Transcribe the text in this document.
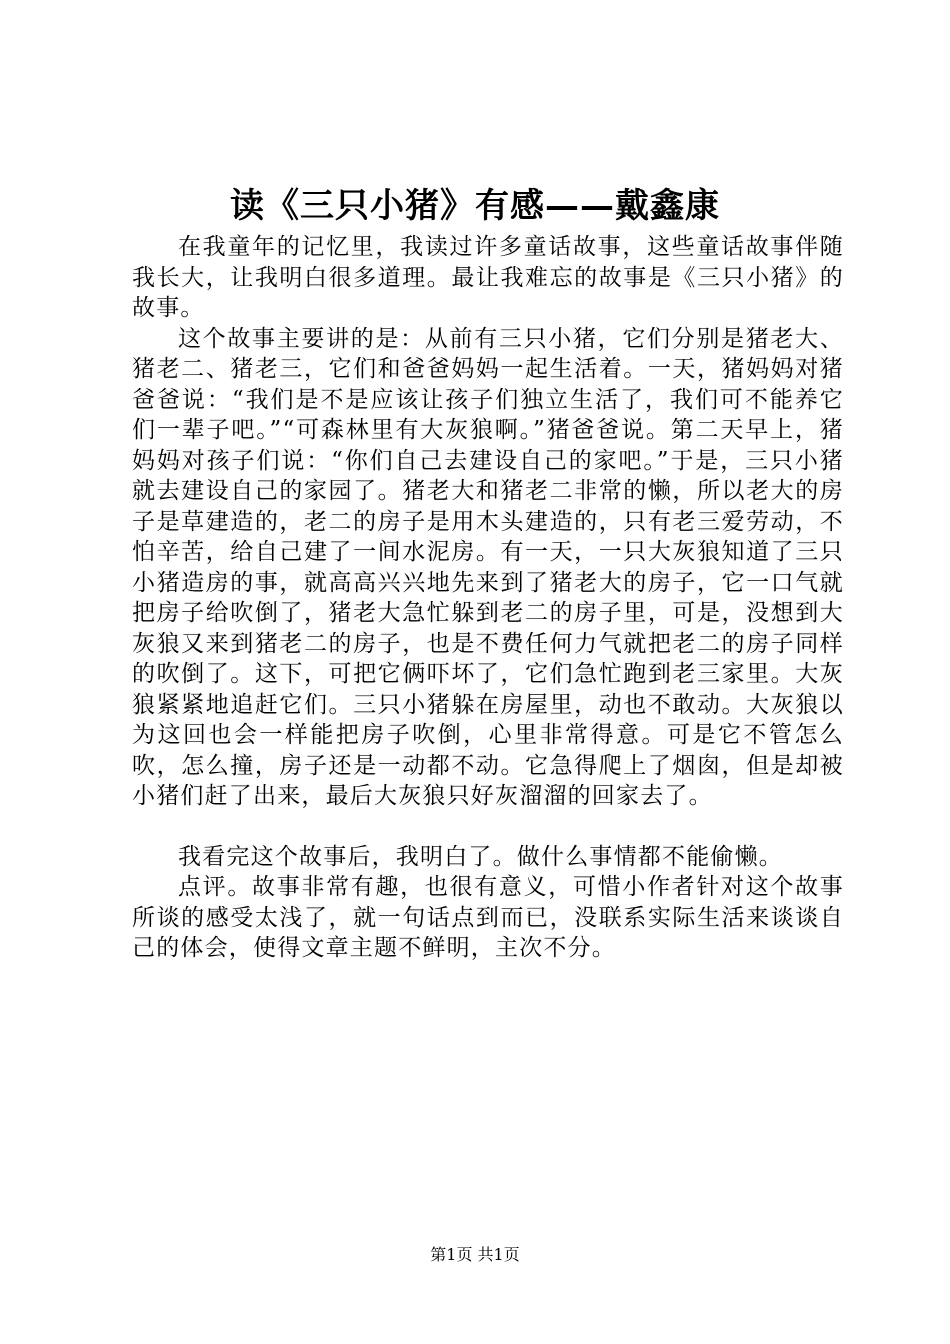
读《三只小猪》有感——戴鑫康

在我童年的记忆里，我读过许多童话故事，这些童话故事伴随我长大，让我明白很多道理。最让我难忘的故事是《三只小猪》的故事。

这个故事主要讲的是：从前有三只小猪，它们分别是猪老大、猪老二、猪老三，它们和爸爸妈妈一起生活着。一天，猪妈妈对猪爸爸说：“我们是不是应该让孩子们独立生活了，我们可不能养它们一辈子吧。”“可森林里有大灰狼啊。”猪爸爸说。第二天早上，猪妈妈对孩子们说：“你们自己去建设自己的家吧。”于是，三只小猪就去建设自己的家园了。猪老大和猪老二非常的懒，所以老大的房子是草建造的，老二的房子是用木头建造的，只有老三爱劳动，不怕辛苦，给自己建了一间水泥房。有一天，一只大灰狼知道了三只小猪造房的事，就高高兴兴地先来到了猪老大的房子，它一口气就把房子给吹倒了，猪老大急忙躲到老二的房子里，可是，没想到大灰狼又来到猪老二的房子，也是不费任何力气就把老二的房子同样的吹倒了。这下，可把它俩吓坏了，它们急忙跑到老三家里。大灰狼紧紧地追赶它们。三只小猪躲在房屋里，动也不敢动。大灰狼以为这回也会一样能把房子吹倒，心里非常得意。可是它不管怎么吹，怎么撞，房子还是一动都不动。它急得爬上了烟囱，但是却被小猪们赶了出来，最后大灰狼只好灰溜溜的回家去了。

我看完这个故事后，我明白了。做什么事情都不能偷懒。

点评。故事非常有趣，也很有意义，可惜小作者针对这个故事所谈的感受太浅了，就一句话点到而已，没联系实际生活来谈谈自己的体会，使得文章主题不鲜明，主次不分。

第1页 共1页
